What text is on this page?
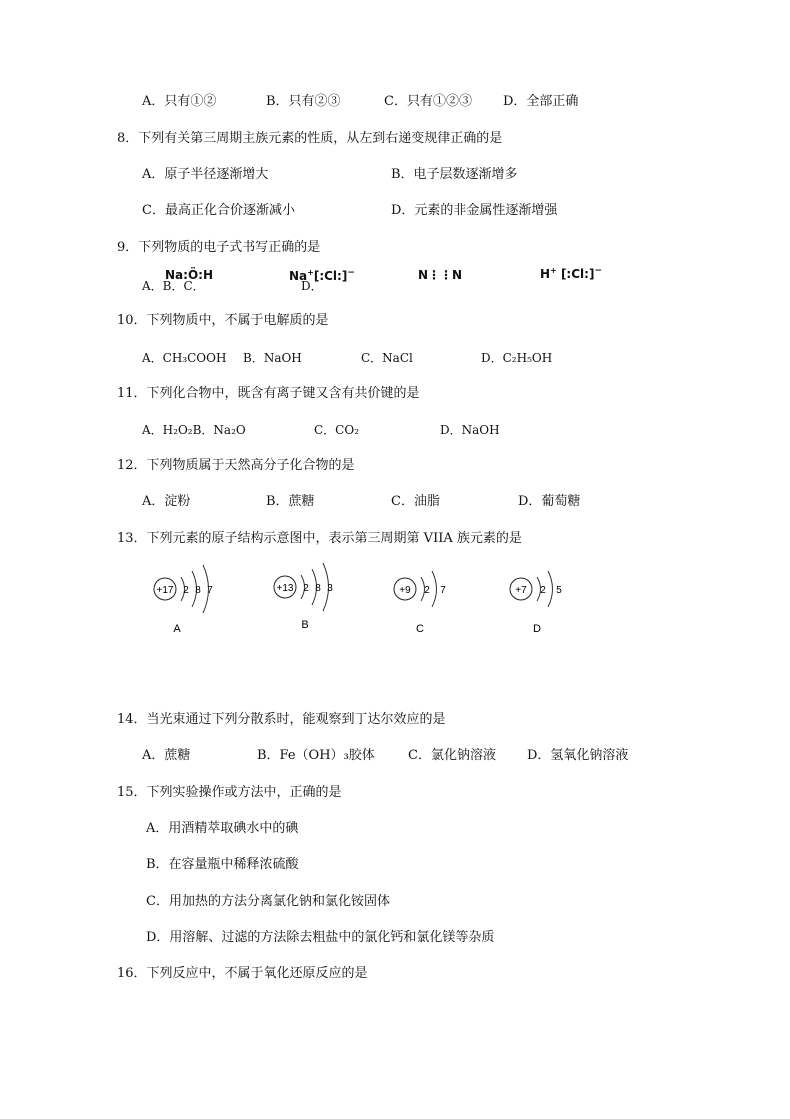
A．只有①②	B．只有②③	C．只有①②③ D．全部正确
8．下列有关第三周期主族元素的性质，从左到右递变规律正确的是
A．原子半径逐渐增大	B．电子层数逐渐增多
C．最高正化合价逐渐减小	D．元素的非金属性逐渐增强
9．下列物质的电子式书写正确的是
A．B．C．	D．
Na:Ö:H	Na+[:Cl:]−	N⋮⋮N	H+ [:Cl:]−
10．下列物质中，不属于电解质的是
A．CH₃COOH B．NaOH	C．NaCl	D．C₂H₅OH
11．下列化合物中，既含有离子键又含有共价键的是
A．H₂O₂B．Na₂O	C．CO₂	D．NaOH
12．下列物质属于天然高分子化合物的是
A．淀粉	B．蔗糖	C．油脂	D．葡萄糖
13．下列元素的原子结构示意图中，表示第三周期第 VIIA 族元素的是
+17 2 8 7
A
+13 2 8 3
B
+9 2 7
C
+7 2 5
D
14．当光束通过下列分散系时，能观察到丁达尔效应的是
A．蔗糖	B．Fe（OH）₃胶体	C．氯化钠溶液 D．氢氧化钠溶液
15．下列实验操作或方法中，正确的是
A．用酒精萃取碘水中的碘
B．在容量瓶中稀释浓硫酸
C．用加热的方法分离氯化钠和氯化铵固体
D．用溶解、过滤的方法除去粗盐中的氯化钙和氯化镁等杂质
16．下列反应中，不属于氧化还原反应的是
